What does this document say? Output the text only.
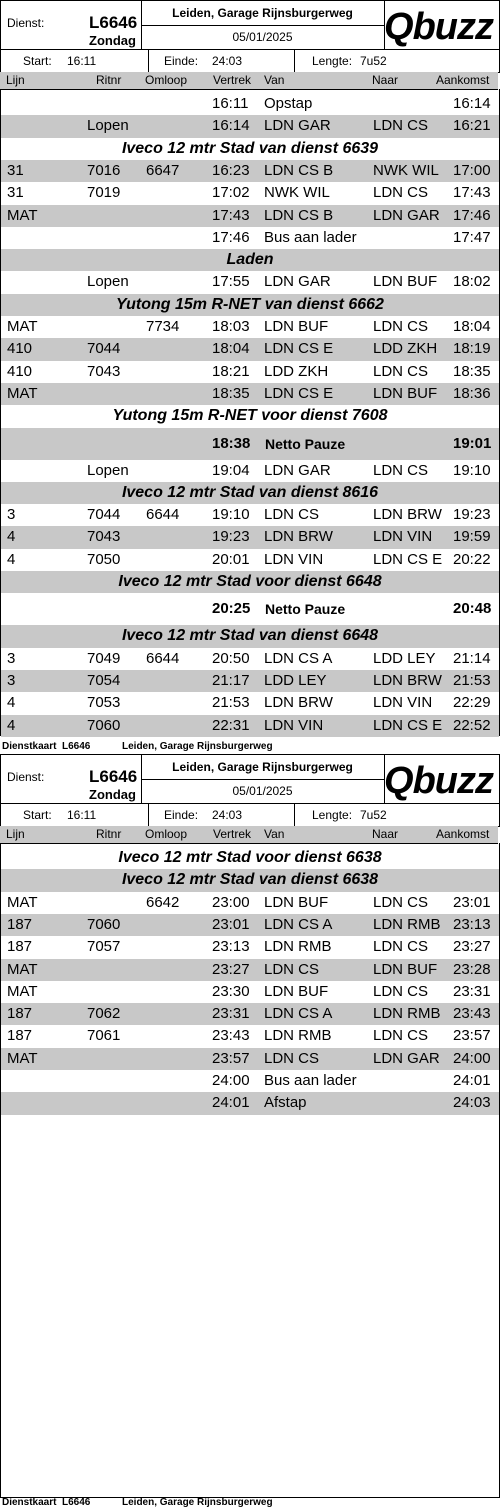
Dienst:	L6646
Zondag
Leiden, Garage Rijnsburgerweg
05/01/2025	Qbuzz
Start: 16:11	Einde: 24:03	Lengte: 7u52
Lijn	Ritnr Omloop Vertrek Van	Naar	Aankomst
16:11 Opstap	16:14
Lopen	16:14 LDN GAR	LDN CS 16:21
Iveco 12 mtr Stad van dienst 6639
31	7016 6647 16:23 LDN CS B	NWK WIL 17:00
31	7019	17:02 NWK WIL	LDN CS 17:43
MAT	17:43 LDN CS B	LDN GAR 17:46
17:46 Bus aan lader	17:47
Laden
Lopen	17:55 LDN GAR	LDN BUF 18:02
Yutong 15m R-NET van dienst 6662
MAT	7734 18:03 LDN BUF	LDN CS 18:04
410	7044	18:04 LDN CS E	LDD ZKH 18:19
410	7043	18:21 LDD ZKH	LDN CS 18:35
MAT	18:35 LDN CS E	LDN BUF 18:36
Yutong 15m R-NET voor dienst 7608
18:38 Netto Pauze	19:01
Lopen	19:04 LDN GAR	LDN CS 19:10
Iveco 12 mtr Stad van dienst 8616
3	7044 6644 19:10 LDN CS	LDN BRW 19:23
4	7043	19:23 LDN BRW	LDN VIN 19:59
4	7050	20:01 LDN VIN	LDN CS E 20:22
Iveco 12 mtr Stad voor dienst 6648
20:25 Netto Pauze	20:48
Iveco 12 mtr Stad van dienst 6648
3	7049 6644 20:50 LDN CS A	LDD LEY 21:14
3	7054	21:17 LDD LEY	LDN BRW 21:53
4	7053	21:53 LDN BRW	LDN VIN 22:29
4	7060	22:31 LDN VIN	LDN CS E 22:52
Dienstkaart L6646	Leiden, Garage Rijnsburgerweg
Dienst:	L6646
Zondag
Leiden, Garage Rijnsburgerweg
05/01/2025	Qbuzz
Start: 16:11	Einde: 24:03	Lengte: 7u52
Lijn	Ritnr Omloop Vertrek Van	Naar	Aankomst
Iveco 12 mtr Stad voor dienst 6638
Iveco 12 mtr Stad van dienst 6638
MAT	6642 23:00 LDN BUF	LDN CS 23:01
187	7060	23:01 LDN CS A	LDN RMB 23:13
187	7057	23:13 LDN RMB	LDN CS 23:27
MAT	23:27 LDN CS	LDN BUF 23:28
MAT	23:30 LDN BUF	LDN CS 23:31
187	7062	23:31 LDN CS A	LDN RMB 23:43
187	7061	23:43 LDN RMB	LDN CS 23:57
MAT	23:57 LDN CS	LDN GAR 24:00
24:00 Bus aan lader	24:01
24:01 Afstap	24:03
Dienstkaart L6646	Leiden, Garage Rijnsburgerweg
